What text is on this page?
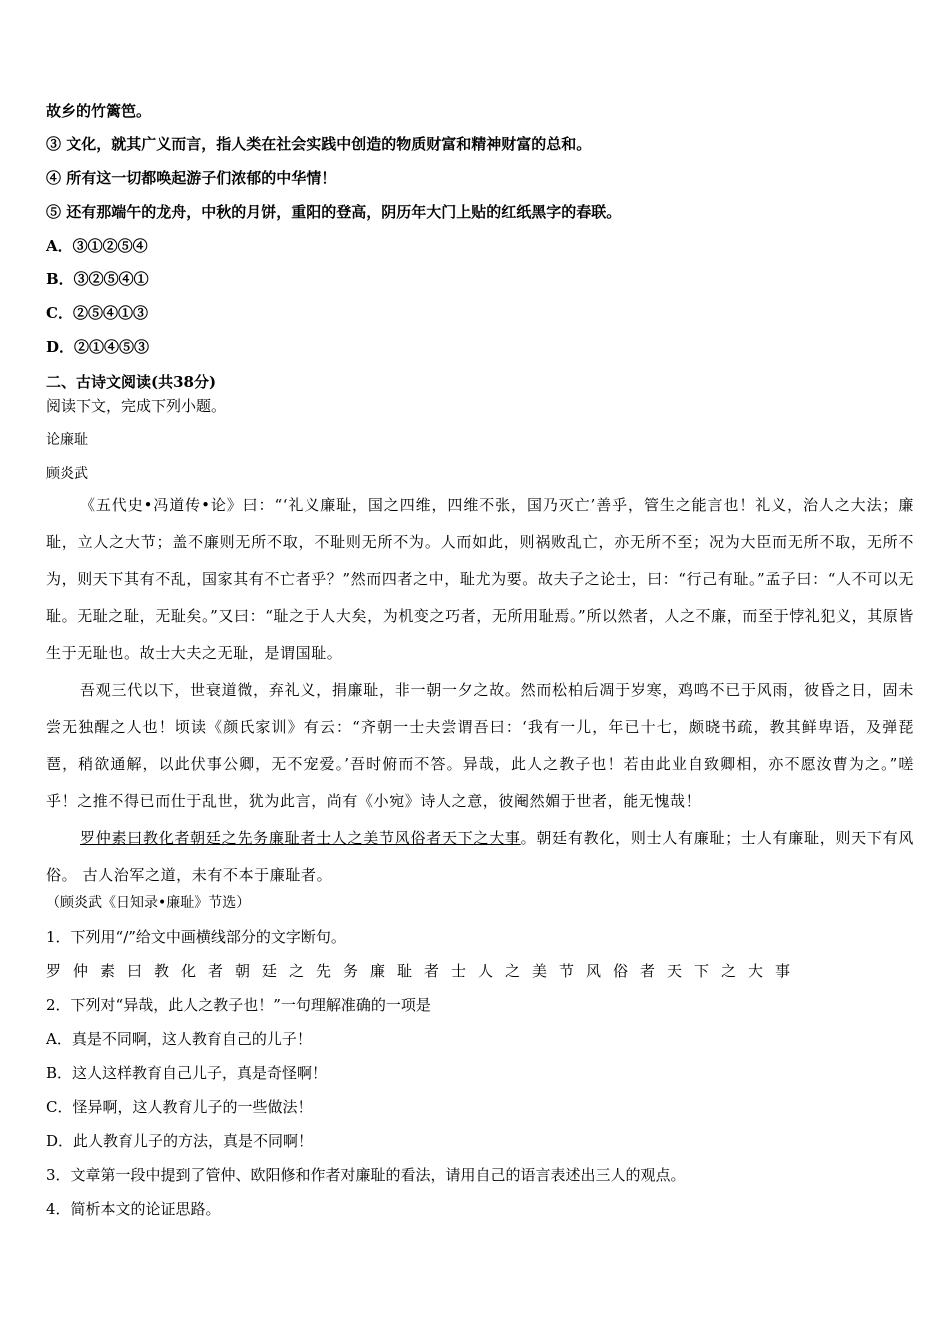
故乡的竹篱笆。
③ 文化，就其广义而言，指人类在社会实践中创造的物质财富和精神财富的总和。
④ 所有这一切都唤起游子们浓郁的中华情！
⑤ 还有那端午的龙舟，中秋的月饼，重阳的登高，阴历年大门上贴的红纸黑字的春联。
A．③①②⑤④
B．③②⑤④①
C．②⑤④①③
D．②①④⑤③
二、古诗文阅读(共38分)
阅读下文，完成下列小题。
论廉耻
顾炎武

《五代史•冯道传•论》曰：“‘礼义廉耻，国之四维，四维不张，国乃灭亡’善乎，管生之能言也！礼义，治人之大法；廉耻，立人之大节；盖不廉则无所不取，不耻则无所不为。人而如此，则祸败乱亡，亦无所不至；况为大臣而无所不取，无所不为，则天下其有不乱，国家其有不亡者乎？”然而四者之中，耻尤为要。故夫子之论士，曰：“行己有耻。”孟子曰：“人不可以无耻。无耻之耻，无耻矣。”又曰：“耻之于人大矣，为机变之巧者，无所用耻焉。”所以然者，人之不廉，而至于悖礼犯义，其原皆生于无耻也。故士大夫之无耻，是谓国耻。

吾观三代以下，世衰道微，弃礼义，捐廉耻，非一朝一夕之故。然而松柏后凋于岁寒，鸡鸣不已于风雨，彼昏之日，固未尝无独醒之人也！顷读《颜氏家训》有云：“齐朝一士夫尝谓吾曰：‘我有一儿，年已十七，颇晓书疏，教其鲜卑语，及弹琵琶，稍欲通解，以此伏事公卿，无不宠爱。’吾时俯而不答。异哉，此人之教子也！若由此业自致卿相，亦不愿汝曹为之。”嗟乎！之推不得已而仕于乱世，犹为此言，尚有《小宛》诗人之意，彼阉然媚于世者，能无愧哉！

罗仲素曰教化者朝廷之先务廉耻者士人之美节风俗者天下之大事。朝廷有教化，则士人有廉耻；士人有廉耻，则天下有风俗。 古人治军之道，未有不本于廉耻者。

（顾炎武《日知录•廉耻》节选）
1．下列用“/”给文中画横线部分的文字断句。
罗仲素曰教化者朝廷之先务廉耻者士人之美节风俗者天下之大事
2．下列对“异哉，此人之教子也！”一句理解准确的一项是
A．真是不同啊，这人教育自己的儿子！
B．这人这样教育自己儿子，真是奇怪啊！
C．怪异啊，这人教育儿子的一些做法！
D．此人教育儿子的方法，真是不同啊！
3．文章第一段中提到了管仲、欧阳修和作者对廉耻的看法，请用自己的语言表述出三人的观点。
4．简析本文的论证思路。
